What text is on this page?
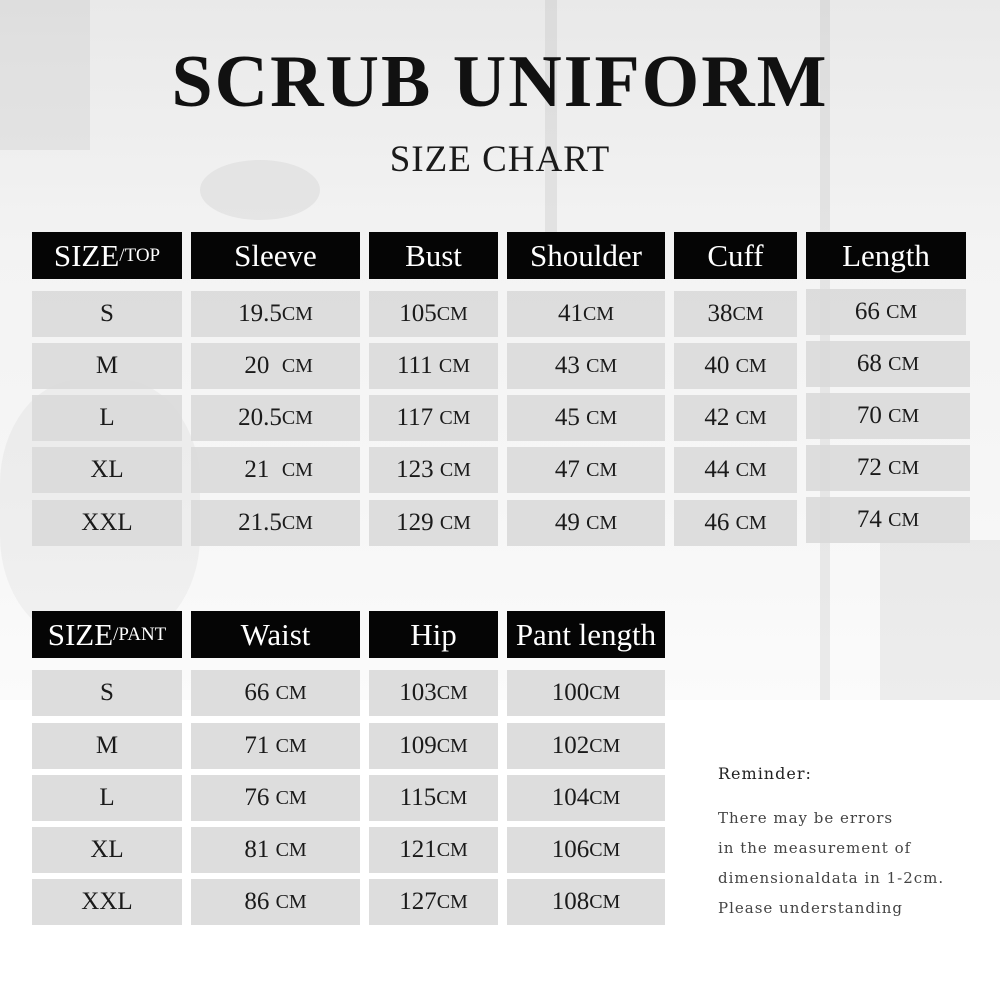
SCRUB UNIFORM
SIZE CHART
SIZE /TOP	Sleeve	Bust	Shoulder	Cuff	Length
S	19.5 CM	105 CM	41 CM	38 CM	66 CM
M	20 CM	111 CM	43 CM	40 CM	68 CM
L	20.5 CM	117 CM	45 CM	42 CM	70 CM
XL	21 CM	123 CM	47 CM	44 CM	72 CM
XXL	21.5 CM	129 CM	49 CM	46 CM	74 CM
SIZE /PANT	Waist	Hip	Pant length
S	66 CM	103 CM	100 CM
M	71 CM	109 CM	102 CM
L	76 CM	115 CM	104 CM
XL	81 CM	121 CM	106 CM
XXL	86 CM	127 CM	108 CM
Reminder:
There may be errors
in the measurement of
dimensionaldata in 1-2cm.
Please understanding
